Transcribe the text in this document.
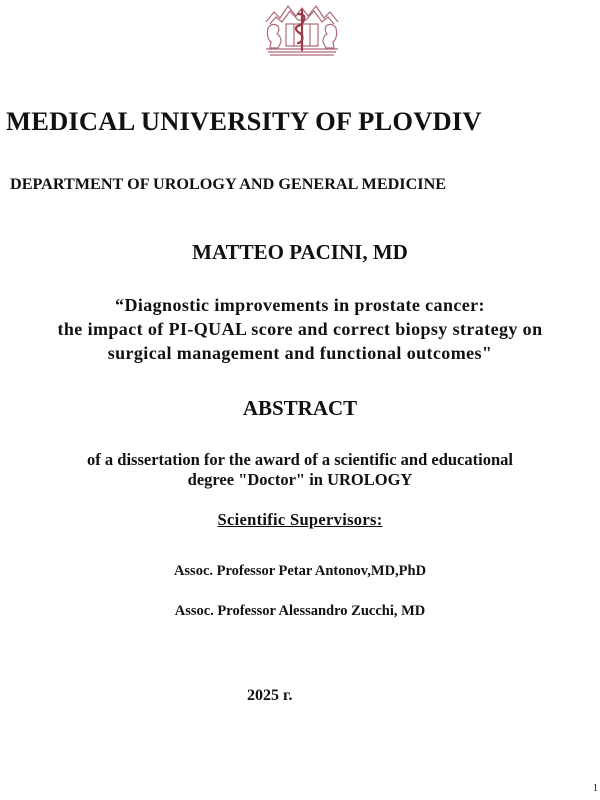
MEDICAL UNIVERSITY OF PLOVDIV
DEPARTMENT OF UROLOGY AND GENERAL MEDICINE
MATTEO PACINI, MD
“Diagnostic improvements in prostate cancer:
the impact of PI-QUAL score and correct biopsy strategy on
surgical management and functional outcomes"
ABSTRACT
of a dissertation for the award of a scientific and educational
degree "Doctor" in UROLOGY
Scientific Supervisors:
Assoc. Professor Petar Antonov,MD,PhD
Assoc. Professor Alessandro Zucchi, MD
2025 г.
1
